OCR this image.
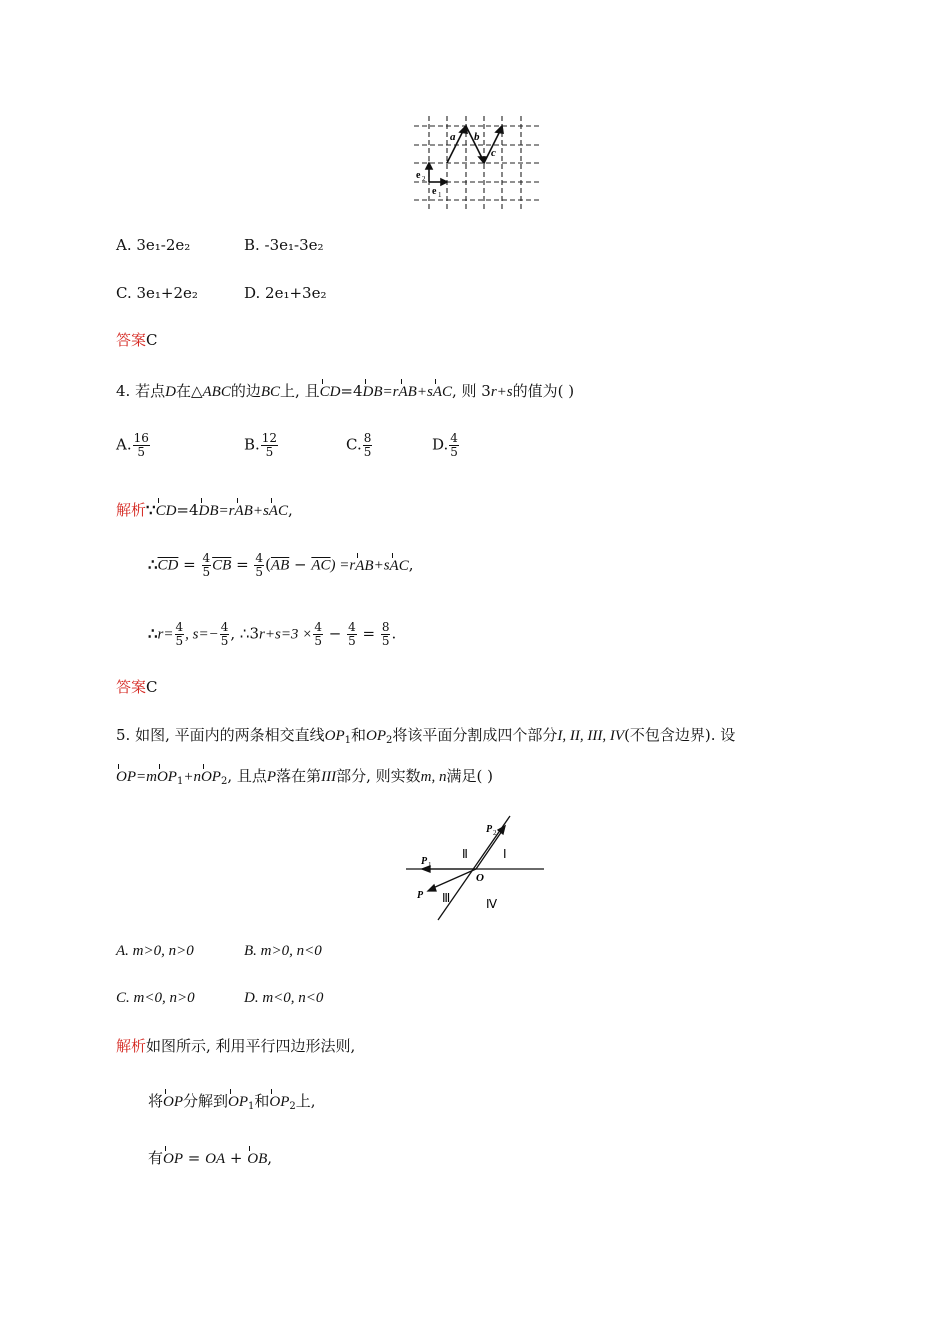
a b
c
e 2
e 1
A. 3e₁-2e₂	B. -3e₁-3e₂
C. 3e₁+2e₂	D. 2e₁+3e₂
答案C
4. 若点D在△ABC的边BC上, 且CD=4DB=rAB+sAC, 则 3r+s的值为( )
A. $\frac{16}{5}$	B. $\frac{12}{5}$	C. $\frac{8}{5}$	D. $\frac{4}{5}$
解析∵CD=4DB=rAB+sAC,
$\therefore\overline{CD} = \frac{4}{5} \overline{CB} = \frac{4}{5} (\overline{AB} - \overline{AC}) =rAB+sAC$,
∴r= $\frac{4}{5}$ , $s=- \frac{4}{5}$ , ∴3r+s=3 × $\frac{4}{5} - \frac{4}{5} = \frac{8}{5}$ .
答案C
5. 如图, 平面内的两条相交直线$OP_1$和$OP_2$将该平面分割成四个部分I, II, III, IV(不包含边界). 设
OP=mOP$_1$+nOP$_2$, 且点P落在第III部分, 则实数m, n满足( )
P 2
P 1
Ⅱ	Ⅰ
O
P Ⅲ	Ⅳ
A. m>0, n>0	B. m>0, n<0
C. m<0, n>0	D. m<0, n<0
解析如图所示, 利用平行四边形法则,
将OP分解到$OP_1$和$OP_2$上,
有OP = OA + OB,
